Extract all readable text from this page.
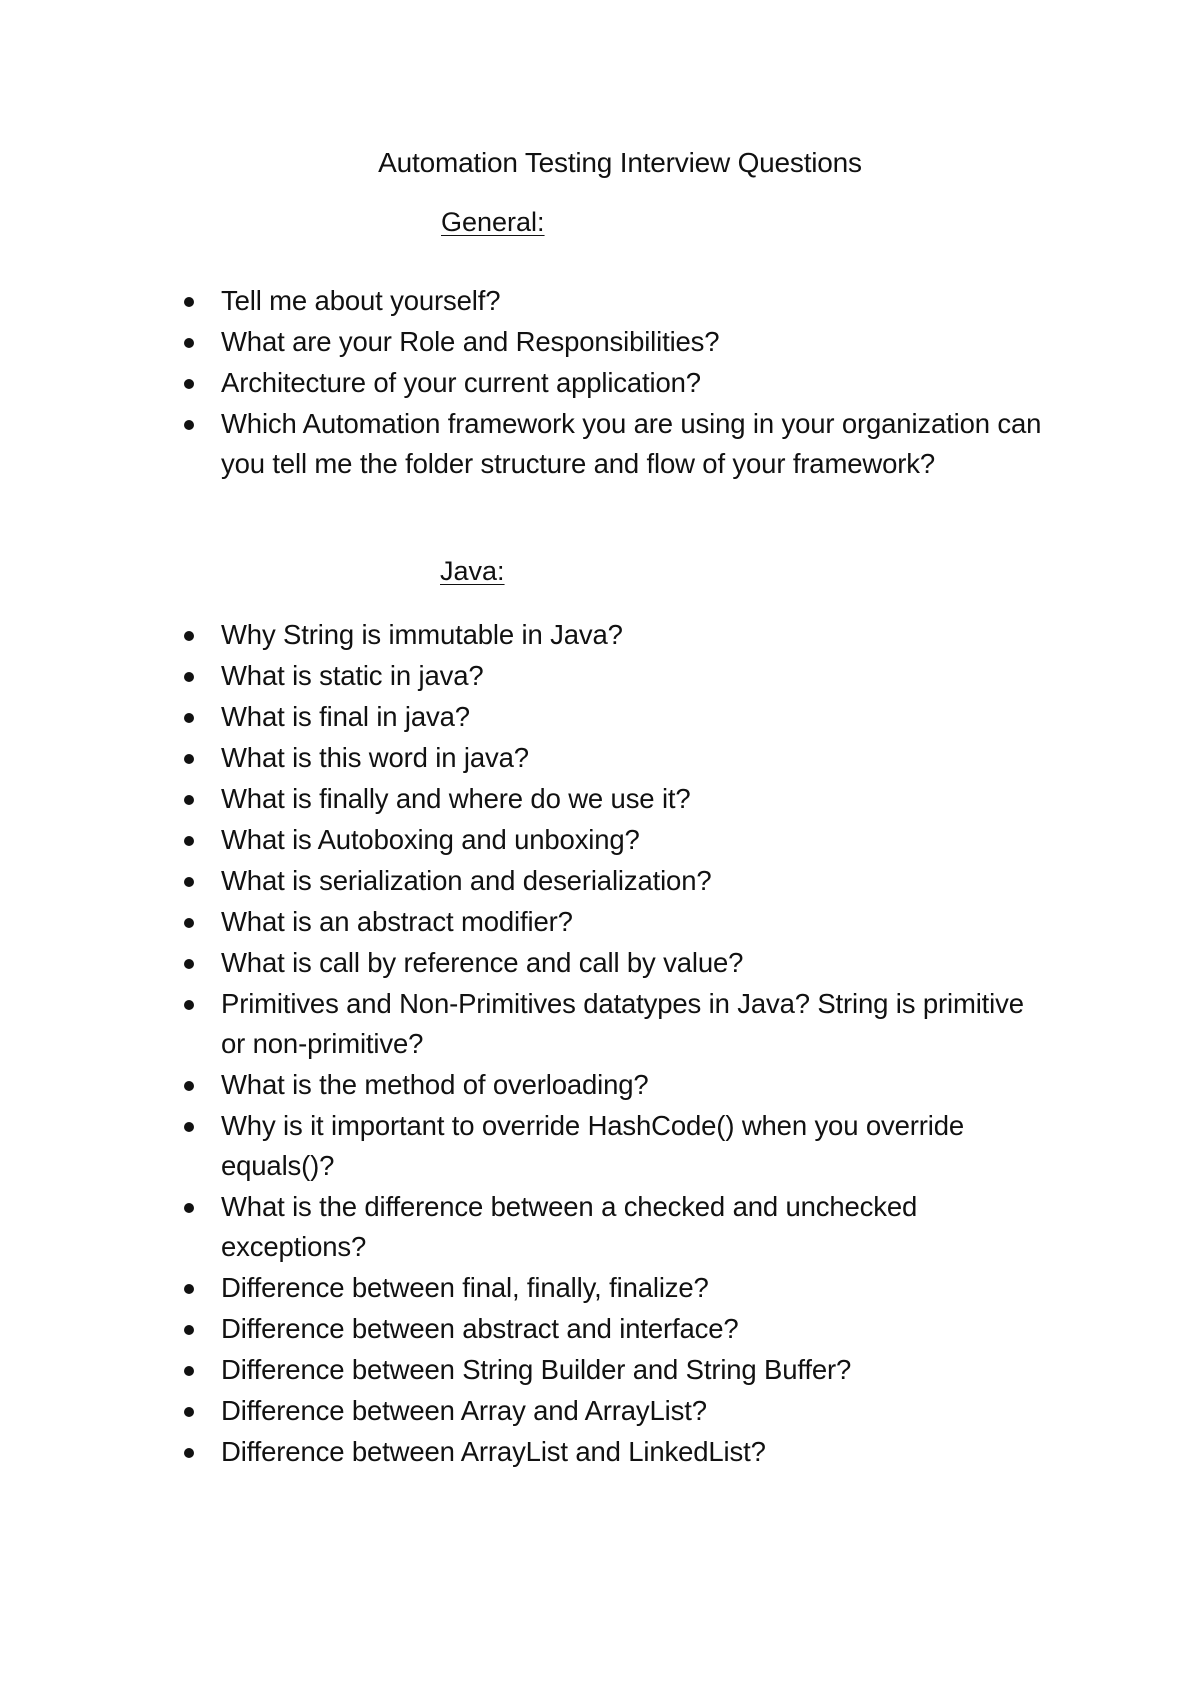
Automation Testing Interview Questions
General:
Tell me about yourself?
What are your Role and Responsibilities?
Architecture of your current application?
Which Automation framework you are using in your organization can you tell me the folder structure and flow of your framework?
Java:
Why String is immutable in Java?
What is static in java?
What is final in java?
What is this word in java?
What is finally and where do we use it?
What is Autoboxing and unboxing?
What is serialization and deserialization?
What is an abstract modifier?
What is call by reference and call by value?
Primitives and Non-Primitives datatypes in Java? String is primitive or non-primitive?
What is the method of overloading?
Why is it important to override HashCode() when you override equals()?
What is the difference between a checked and unchecked exceptions?
Difference between final, finally, finalize?
Difference between abstract and interface?
Difference between String Builder and String Buffer?
Difference between Array and ArrayList?
Difference between ArrayList and LinkedList?
